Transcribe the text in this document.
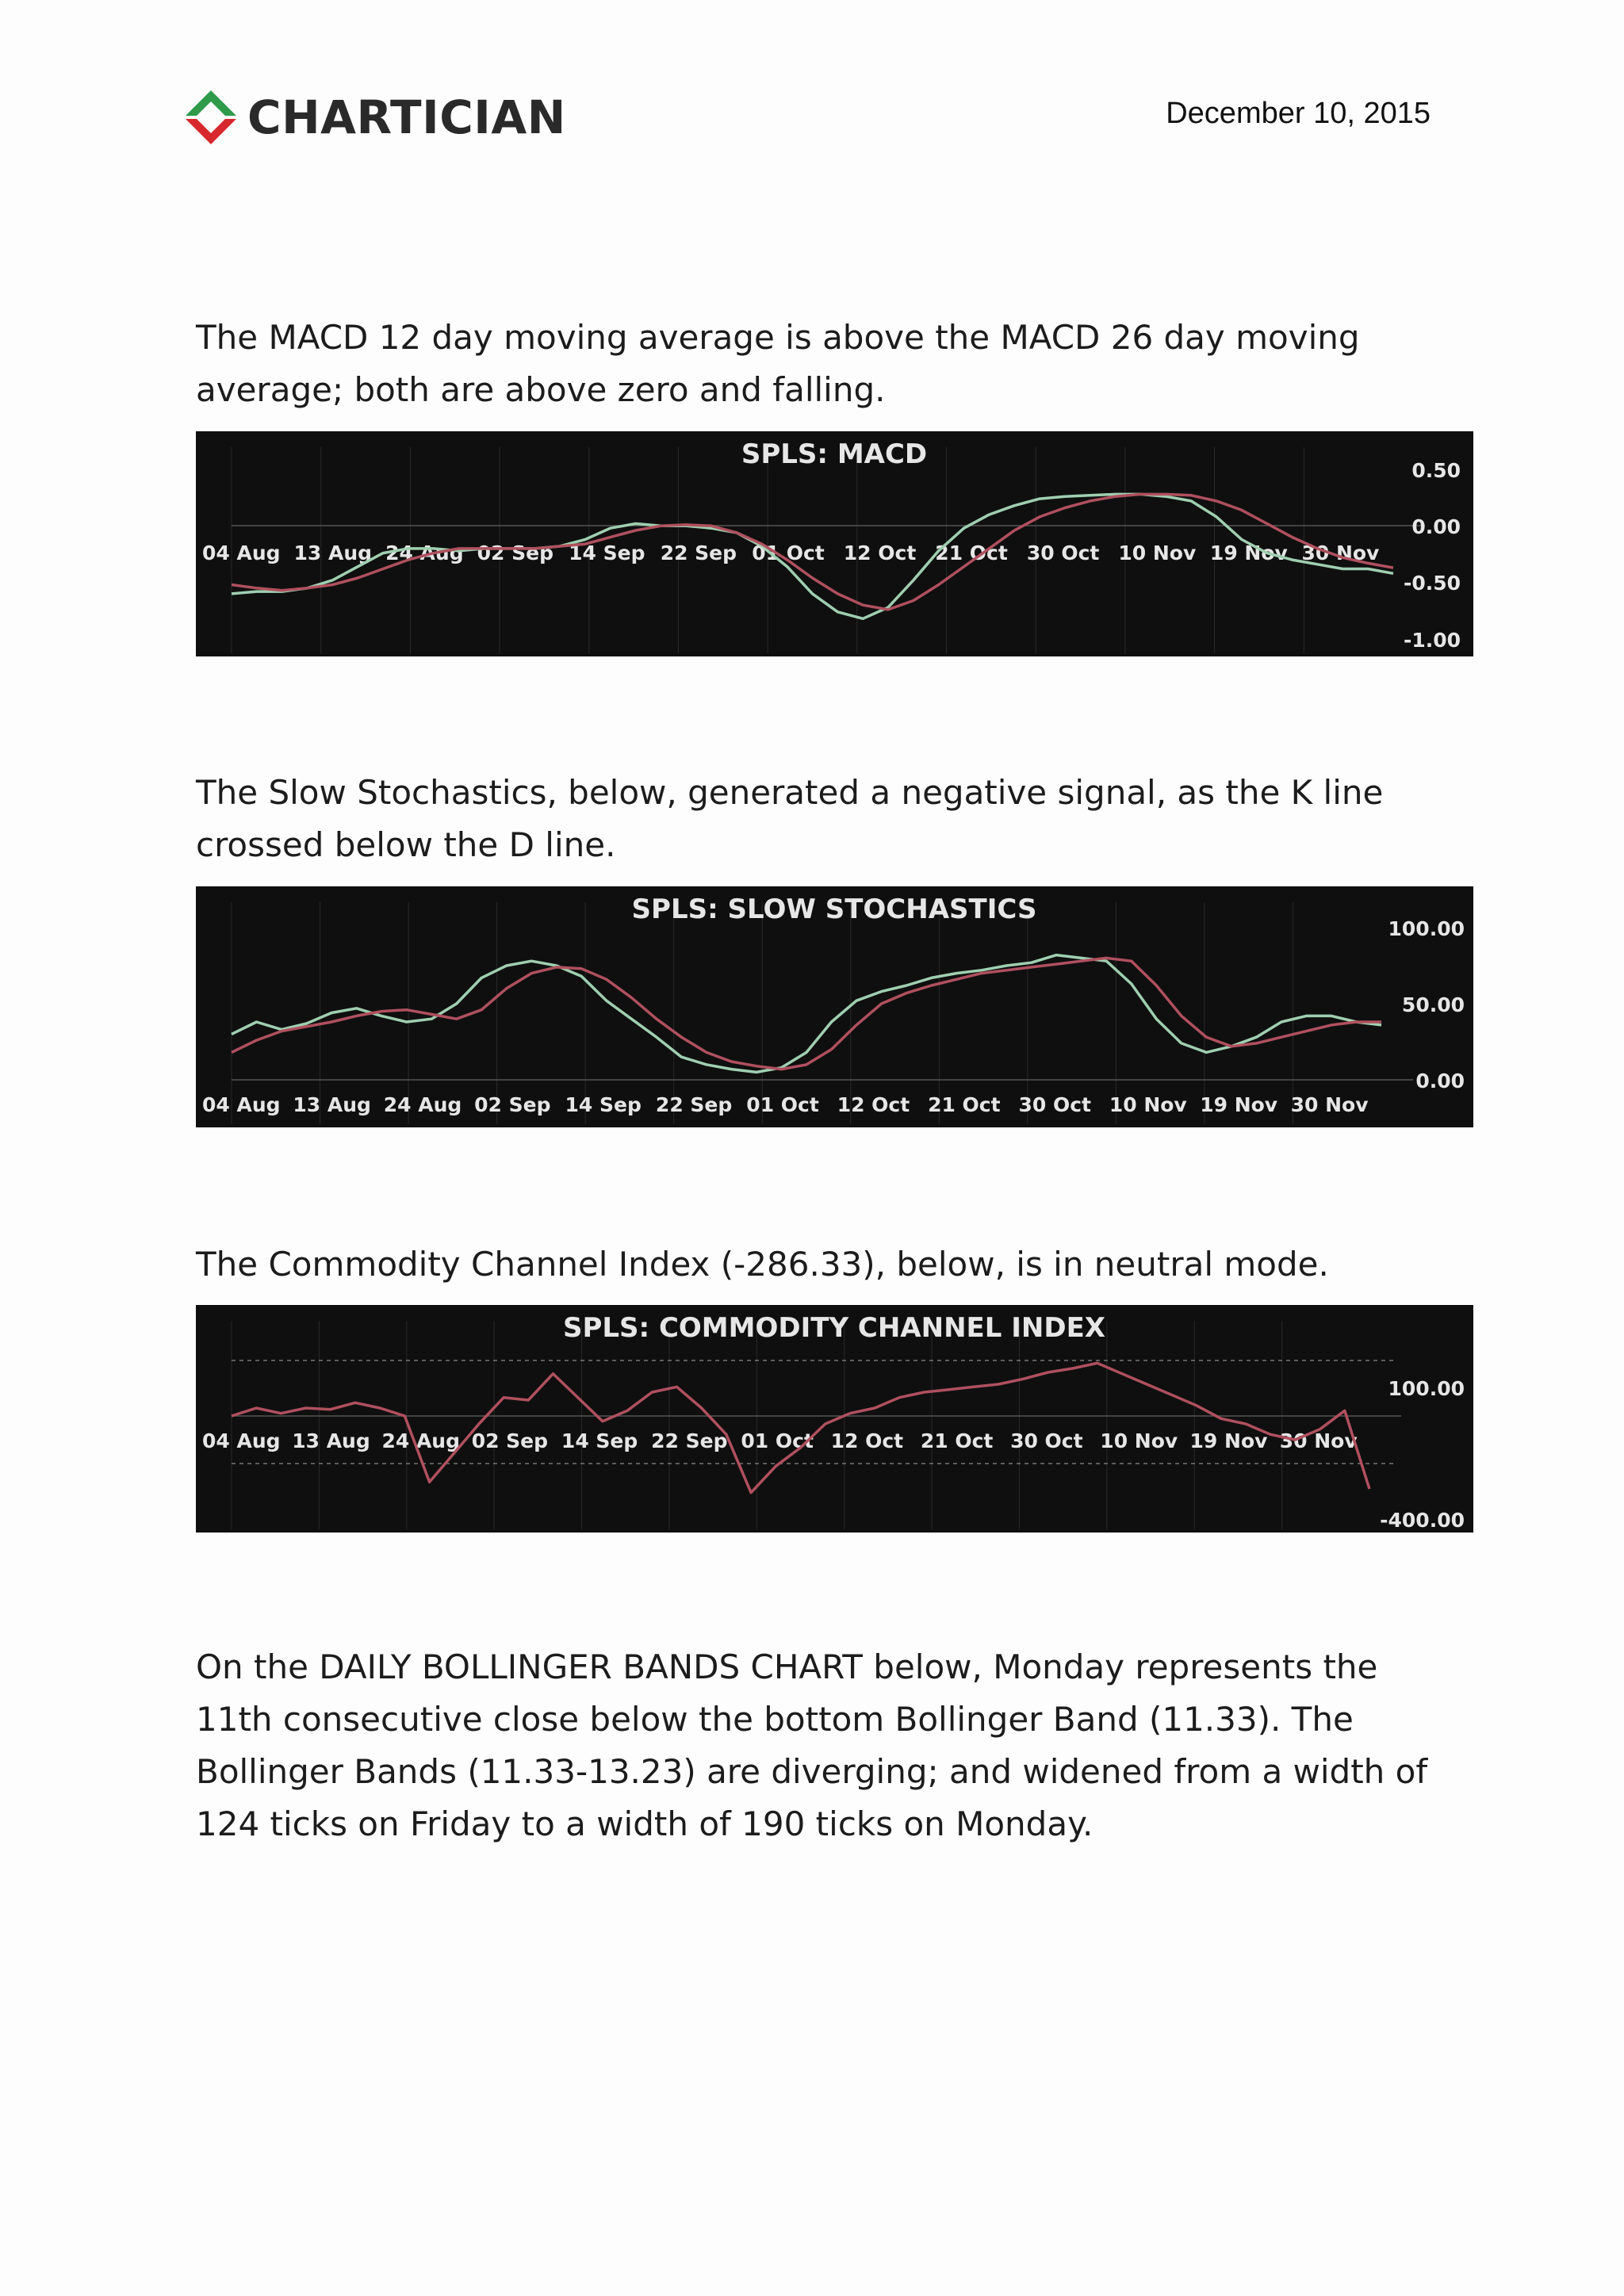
CHARTICIAN	December 10, 2015
The MACD 12 day moving average is above the MACD 26 day moving average; both are above zero and falling.
SPLS: MACD
04 Aug 13 Aug 24 Aug 02 Sep 14 Sep 22 Sep 01 Oct 12 Oct 21 Oct 30 Oct 10 Nov 19 Nov 30 Nov
0.50
0.00
-0.50
-1.00
The Slow Stochastics, below, generated a negative signal, as the K line crossed below the D line.
SPLS: SLOW STOCHASTICS
04 Aug 13 Aug 24 Aug 02 Sep 14 Sep 22 Sep 01 Oct 12 Oct 21 Oct 30 Oct 10 Nov 19 Nov 30 Nov
100.00
50.00
0.00
The Commodity Channel Index (-286.33), below, is in neutral mode.
SPLS: COMMODITY CHANNEL INDEX
04 Aug 13 Aug 24 Aug 02 Sep 14 Sep 22 Sep 01 Oct 12 Oct 21 Oct 30 Oct 10 Nov 19 Nov 30 Nov
100.00
-400.00
On the DAILY BOLLINGER BANDS CHART below, Monday represents the 11th consecutive close below the bottom Bollinger Band (11.33). The Bollinger Bands (11.33-13.23) are diverging; and widened from a width of 124 ticks on Friday to a width of 190 ticks on Monday.
